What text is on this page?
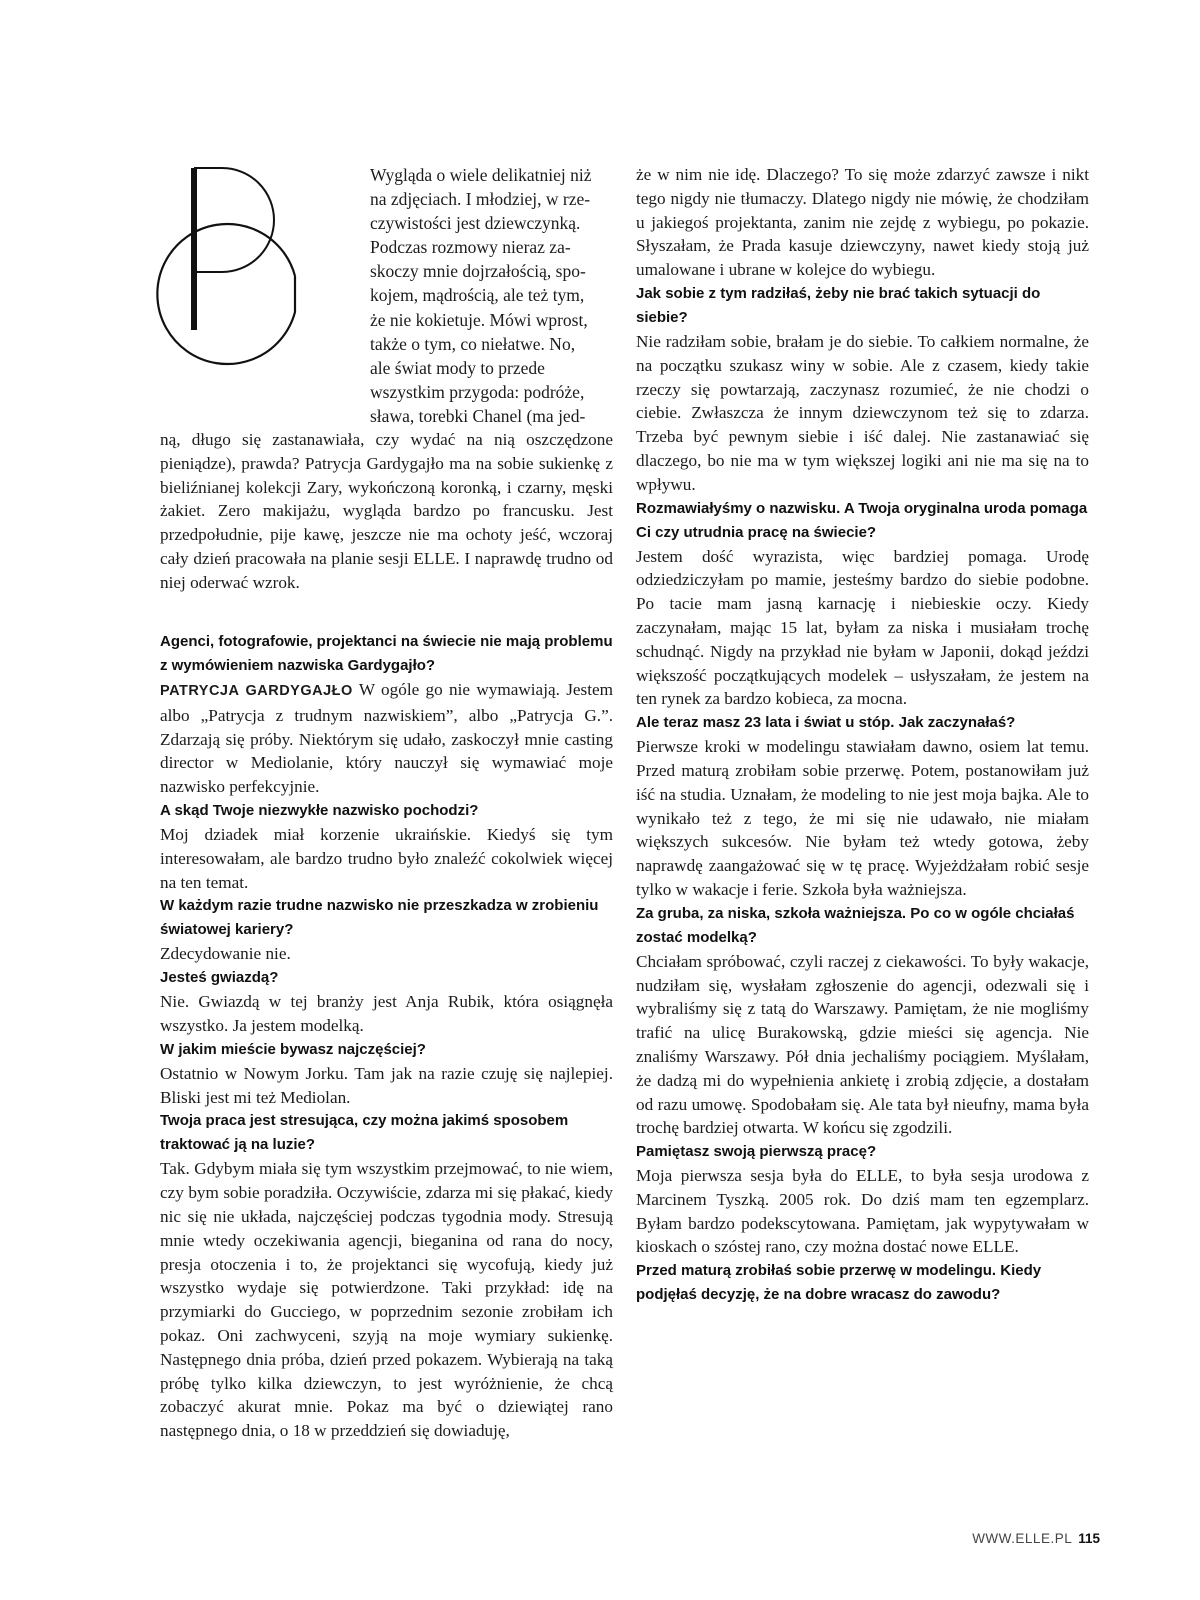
Wygląda o wiele delikatniej niż
na zdjęciach. I młodziej, w rze-
czywistości jest dziewczynką.
Podczas rozmowy nieraz za-
skoczy mnie dojrzałością, spo-
kojem, mądrością, ale też tym,
że nie kokietuje. Mówi wprost,
także o tym, co niełatwe. No,
ale świat mody to przede
wszystkim przygoda: podróże,
sława, torebki Chanel (ma jed-
ną, długo się zastanawiała, czy wydać na nią oszczędzone pieniądze), prawda? Patrycja Gardygajło ma na sobie sukienkę z bieliźnianej kolekcji Zary, wykończoną koronką, i czarny, męski żakiet. Zero makijażu, wygląda bardzo po francusku. Jest przedpołudnie, pije kawę, jeszcze nie ma ochoty jeść, wczoraj cały dzień pracowała na planie sesji ELLE. I naprawdę trudno od niej oderwać wzrok.

Agenci, fotografowie, projektanci na świecie nie mają problemu z wymówieniem nazwiska Gardygajło?

PATRYCJA GARDYGAJŁO W ogóle go nie wymawiają. Jestem albo „Patrycja z trudnym nazwiskiem”, albo „Patrycja G.”. Zdarzają się próby. Niektórym się udało, zaskoczył mnie casting director w Mediolanie, który nauczył się wymawiać moje nazwisko perfekcyjnie.

A skąd Twoje niezwykłe nazwisko pochodzi?

Moj dziadek miał korzenie ukraińskie. Kiedyś się tym interesowałam, ale bardzo trudno było znaleźć cokolwiek więcej na ten temat.

W każdym razie trudne nazwisko nie przeszkadza w zrobieniu światowej kariery?

Zdecydowanie nie.

Jesteś gwiazdą?

Nie. Gwiazdą w tej branży jest Anja Rubik, która osiągnęła wszystko. Ja jestem modelką.

W jakim mieście bywasz najczęściej?

Ostatnio w Nowym Jorku. Tam jak na razie czuję się najlepiej. Bliski jest mi też Mediolan.

Twoja praca jest stresująca, czy można jakimś sposobem traktować ją na luzie?

Tak. Gdybym miała się tym wszystkim przejmować, to nie wiem, czy bym sobie poradziła. Oczywiście, zdarza mi się płakać, kiedy nic się nie układa, najczęściej podczas tygodnia mody. Stresują mnie wtedy oczekiwania agencji, bieganina od rana do nocy, presja otoczenia i to, że projektanci się wycofują, kiedy już wszystko wydaje się potwierdzone. Taki przykład: idę na przymiarki do Gucciego, w poprzednim sezonie zrobiłam ich pokaz. Oni zachwyceni, szyją na moje wymiary sukienkę. Następnego dnia próba, dzień przed pokazem. Wybierają na taką próbę tylko kilka dziewczyn, to jest wyróżnienie, że chcą zobaczyć akurat mnie. Pokaz ma być o dziewiątej rano następnego dnia, o 18 w przeddzień się dowiaduję,

że w nim nie idę. Dlaczego? To się może zdarzyć zawsze i nikt tego nigdy nie tłumaczy. Dlatego nigdy nie mówię, że chodziłam u jakiegoś projektanta, zanim nie zejdę z wybiegu, po pokazie. Słyszałam, że Prada kasuje dziewczyny, nawet kiedy stoją już umalowane i ubrane w kolejce do wybiegu.

Jak sobie z tym radziłaś, żeby nie brać takich sytuacji do siebie?

Nie radziłam sobie, brałam je do siebie. To całkiem normalne, że na początku szukasz winy w sobie. Ale z czasem, kiedy takie rzeczy się powtarzają, zaczynasz rozumieć, że nie chodzi o ciebie. Zwłaszcza że innym dziewczynom też się to zdarza. Trzeba być pewnym siebie i iść dalej. Nie zastanawiać się dlaczego, bo nie ma w tym większej logiki ani nie ma się na to wpływu.

Rozmawiałyśmy o nazwisku. A Twoja oryginalna uroda pomaga Ci czy utrudnia pracę na świecie?

Jestem dość wyrazista, więc bardziej pomaga. Urodę odziedziczyłam po mamie, jesteśmy bardzo do siebie podobne. Po tacie mam jasną karnację i niebieskie oczy. Kiedy zaczynałam, mając 15 lat, byłam za niska i musiałam trochę schudnąć. Nigdy na przykład nie byłam w Japonii, dokąd jeździ większość początkujących modelek – usłyszałam, że jestem na ten rynek za bardzo kobieca, za mocna.

Ale teraz masz 23 lata i świat u stóp. Jak zaczynałaś?

Pierwsze kroki w modelingu stawiałam dawno, osiem lat temu. Przed maturą zrobiłam sobie przerwę. Potem, postanowiłam już iść na studia. Uznałam, że modeling to nie jest moja bajka. Ale to wynikało też z tego, że mi się nie udawało, nie miałam większych sukcesów. Nie byłam też wtedy gotowa, żeby naprawdę zaangażować się w tę pracę. Wyjeżdżałam robić sesje tylko w wakacje i ferie. Szkoła była ważniejsza.

Za gruba, za niska, szkoła ważniejsza. Po co w ogóle chciałaś zostać modelką?

Chciałam spróbować, czyli raczej z ciekawości. To były wakacje, nudziłam się, wysłałam zgłoszenie do agencji, odezwali się i wybraliśmy się z tatą do Warszawy. Pamiętam, że nie mogliśmy trafić na ulicę Burakowską, gdzie mieści się agencja. Nie znaliśmy Warszawy. Pół dnia jechaliśmy pociągiem. Myślałam, że dadzą mi do wypełnienia ankietę i zrobią zdjęcie, a dostałam od razu umowę. Spodobałam się. Ale tata był nieufny, mama była trochę bardziej otwarta. W końcu się zgodzili.

Pamiętasz swoją pierwszą pracę?

Moja pierwsza sesja była do ELLE, to była sesja urodowa z Marcinem Tyszką. 2005 rok. Do dziś mam ten egzemplarz. Byłam bardzo podekscytowana. Pamiętam, jak wypytywałam w kioskach o szóstej rano, czy można dostać nowe ELLE.

Przed maturą zrobiłaś sobie przerwę w modelingu. Kiedy podjęłaś decyzję, że na dobre wracasz do zawodu?

WWW.ELLE.PL 115
